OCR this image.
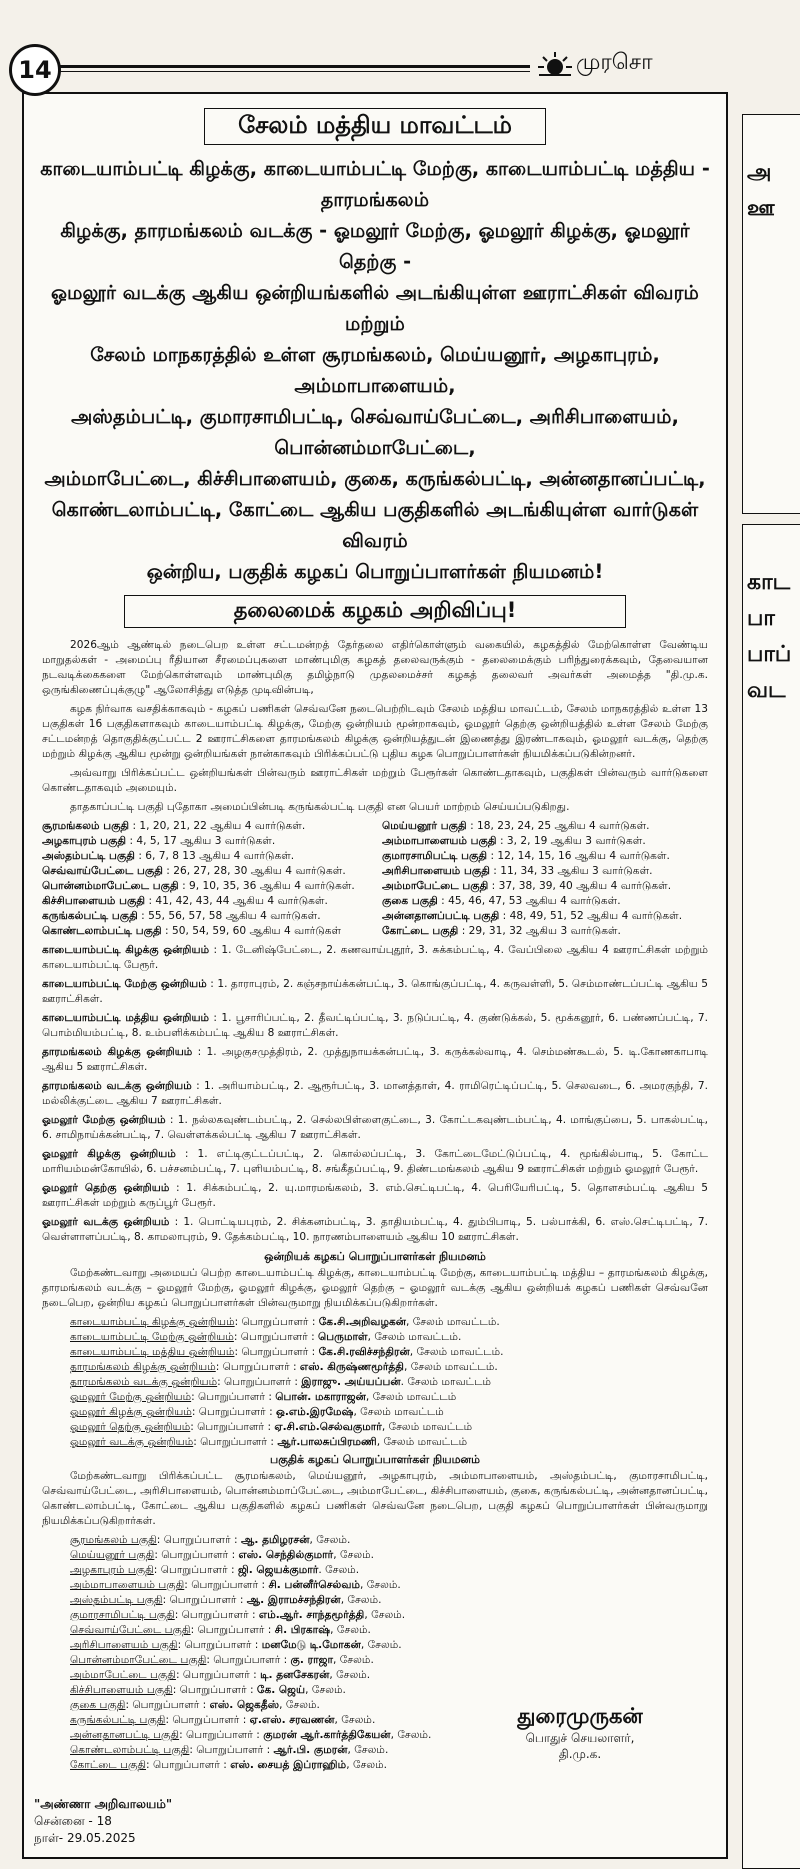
14	முரசொ
சேலம் மத்திய மாவட்டம்
காடையாம்பட்டி கிழக்கு, காடையாம்பட்டி மேற்கு, காடையாம்பட்டி மத்திய - தாரமங்கலம்
கிழக்கு, தாரமங்கலம் வடக்கு - ஓமலூர் மேற்கு, ஓமலூர் கிழக்கு, ஓமலூர் தெற்கு -
ஓமலூர் வடக்கு ஆகிய ஒன்றியங்களில் அடங்கியுள்ள ஊராட்சிகள் விவரம் மற்றும்
சேலம் மாநகரத்தில் உள்ள சூரமங்கலம், மெய்யனூர், அழகாபுரம், அம்மாபாளையம்,
அஸ்தம்பட்டி, குமாரசாமிபட்டி, செவ்வாய்பேட்டை, அரிசிபாளையம், பொன்னம்மாபேட்டை,
அம்மாபேட்டை, கிச்சிபாளையம், குகை, கருங்கல்பட்டி, அன்னதானப்பட்டி,
கொண்டலாம்பட்டி, கோட்டை ஆகிய பகுதிகளில் அடங்கியுள்ள வார்டுகள் விவரம்
ஒன்றிய, பகுதிக் கழகப் பொறுப்பாளர்கள் நியமனம்!
தலைமைக் கழகம் அறிவிப்பு!

2026ஆம் ஆண்டில் நடைபெற உள்ள சட்டமன்றத் தேர்தலை எதிர்கொள்ளும் வகையில், கழகத்தில் மேற்கொள்ள வேண்டிய மாறுதல்கள் - அமைப்பு ரீதியான சீரமைப்புகளை மாண்புமிகு கழகத் தலைவருக்கும் - தலைமைக்கும் பரிந்துரைக்கவும், தேவையான நடவடிக்கைகளை மேற்கொள்ளவும் மாண்புமிகு தமிழ்நாடு முதலமைச்சர் கழகத் தலைவர் அவர்கள் அமைத்த "தி.மு.க. ஒருங்கிணைப்புக்குழு" ஆலோசித்து எடுத்த முடிவின்படி,

கழக நிர்வாக வசதிக்காகவும் - கழகப் பணிகள் செவ்வனே நடைபெற்றிடவும் சேலம் மத்திய மாவட்டம், சேலம் மாநகரத்தில் உள்ள 13 பகுதிகள் 16 பகுதிகளாகவும் காடையாம்பட்டி கிழக்கு, மேற்கு ஒன்றியம் மூன்றாகவும், ஓமலூர் தெற்கு ஒன்றியத்தில் உள்ள சேலம் மேற்கு சட்டமன்றத் தொகுதிக்குட்பட்ட 2 ஊராட்சிகளை தாரமங்கலம் கிழக்கு ஒன்றியத்துடன் இணைத்து இரண்டாகவும், ஓமலூர் வடக்கு, தெற்கு மற்றும் கிழக்கு ஆகிய மூன்று ஒன்றியங்கள் நான்காகவும் பிரிக்கப்பட்டு புதிய கழக பொறுப்பாளர்கள் நியமிக்கப்படுகின்றனர்.

அவ்வாறு பிரிக்கப்பட்ட ஒன்றியங்கள் பின்வரும் ஊராட்சிகள் மற்றும் பேரூர்கள் கொண்டதாகவும், பகுதிகள் பின்வரும் வார்டுகளை கொண்டதாகவும் அமையும்.

தாதகாப்பட்டி பகுதி புதோகா அமைப்பின்படி கருங்கல்பட்டி பகுதி என பெயர் மாற்றம் செய்யப்படுகிறது.

சூரமங்கலம் பகுதி : 1, 20, 21, 22 ஆகிய 4 வார்டுகள்.	மெய்யனூர் பகுதி : 18, 23, 24, 25 ஆகிய 4 வார்டுகள்.
அழகாபுரம் பகுதி : 4, 5, 17 ஆகிய 3 வார்டுகள்.	அம்மாபாளையம் பகுதி : 3, 2, 19 ஆகிய 3 வார்டுகள்.
அஸ்தம்பட்டி பகுதி : 6, 7, 8 13 ஆகிய 4 வார்டுகள்.	குமாரசாமிபட்டி பகுதி : 12, 14, 15, 16 ஆகிய 4 வார்டுகள்.
செவ்வாய்பேட்டை பகுதி : 26, 27, 28, 30 ஆகிய 4 வார்டுகள்.	அரிசிபாளையம் பகுதி : 11, 34, 33 ஆகிய 3 வார்டுகள்.
பொன்னம்மாபேட்டை பகுதி : 9, 10, 35, 36 ஆகிய 4 வார்டுகள்.	அம்மாபேட்டை பகுதி : 37, 38, 39, 40 ஆகிய 4 வார்டுகள்.
கிச்சிபாளையம் பகுதி : 41, 42, 43, 44 ஆகிய 4 வார்டுகள்.	குகை பகுதி : 45, 46, 47, 53 ஆகிய 4 வார்டுகள்.
கருங்கல்பட்டி பகுதி : 55, 56, 57, 58 ஆகிய 4 வார்டுகள்.	அன்னதானப்பட்டி பகுதி : 48, 49, 51, 52 ஆகிய 4 வார்டுகள்.
கொண்டலாம்பட்டி பகுதி : 50, 54, 59, 60 ஆகிய 4 வார்டுகள்	கோட்டை பகுதி : 29, 31, 32 ஆகிய 3 வார்டுகள்.

காடையாம்பட்டி கிழக்கு ஒன்றியம் : 1. டேனிஷ்பேட்டை, 2. கணவாய்புதூர், 3. சுக்கம்பட்டி, 4. வேப்பிலை ஆகிய 4 ஊராட்சிகள் மற்றும் காடையாம்பட்டி பேரூர்.

காடையாம்பட்டி மேற்கு ஒன்றியம் : 1. தாராபுரம், 2. கஞ்சநாய்க்கன்பட்டி, 3. கொங்குப்பட்டி, 4. கருவள்ளி, 5. செம்மாண்டப்பட்டி ஆகிய 5 ஊராட்சிகள்.

காடையாம்பட்டி மத்திய ஒன்றியம் : 1. பூசாரிப்பட்டி, 2. தீவட்டிப்பட்டி, 3. நடுப்பட்டி, 4. குண்டுக்கல், 5. மூக்கனூர், 6. பண்ணப்பட்டி, 7. பொம்மியம்பட்டி, 8. உம்பளிக்கம்பட்டி ஆகிய 8 ஊராட்சிகள்.

தாரமங்கலம் கிழக்கு ஒன்றியம் : 1. அழகுசமுத்திரம், 2. முத்துநாயக்கன்பட்டி, 3. கருக்கல்வாடி, 4. செம்மண்கூடல், 5. டி.கோணகாபாடி ஆகிய 5 ஊராட்சிகள்.

தாரமங்கலம் வடக்கு ஒன்றியம் : 1. அரியாம்பட்டி, 2. ஆரூர்பட்டி, 3. மானத்தாள், 4. ராமிரெட்டிப்பட்டி, 5. செலவடை, 6. அமரகுந்தி, 7. மல்லிக்குட்டை ஆகிய 7 ஊராட்சிகள்.

ஓமலூர் மேற்கு ஒன்றியம் : 1. நல்லகவுண்டம்பட்டி, 2. செல்லபிள்ளைகுட்டை, 3. கோட்டகவுண்டம்பட்டி, 4. மாங்குப்பை, 5. பாகல்பட்டி, 6. சாமிநாய்க்கன்பட்டி, 7. வெள்ளக்கல்பட்டி ஆகிய 7 ஊராட்சிகள்.

ஓமலூர் கிழக்கு ஒன்றியம் : 1. எட்டிகுட்டப்பட்டி, 2. கொல்லப்பட்டி, 3. கோட்டைமேட்டுப்பட்டி, 4. மூங்கில்பாடி, 5. கோட்ட மாரியம்மன்கோயில், 6. பச்சனம்பட்டி, 7. புளியம்பட்டி, 8. சங்கீதப்பட்டி, 9. திண்டமங்கலம் ஆகிய 9 ஊராட்சிகள் மற்றும் ஓமலூர் பேரூர்.

ஓமலூர் தெற்கு ஒன்றியம் : 1. சிக்கம்பட்டி, 2. யு.மாரமங்கலம், 3. எம்.செட்டிபட்டி, 4. பெரியேரிபட்டி, 5. தொளசம்பட்டி ஆகிய 5 ஊராட்சிகள் மற்றும் கருப்பூர் பேரூர்.

ஓமலூர் வடக்கு ஒன்றியம் : 1. பொட்டியபுரம், 2. சிக்கனம்பட்டி, 3. தாதியம்பட்டி, 4. தும்பிபாடி, 5. பல்பாக்கி, 6. எஸ்.செட்டிபட்டி, 7. வெள்ளாளப்பட்டி, 8. காமலாபுரம், 9. தேக்கம்பட்டி, 10. நாரணம்பாளையம் ஆகிய 10 ஊராட்சிகள்.

ஒன்றியக் கழகப் பொறுப்பாளர்கள் நியமனம்

மேற்கண்டவாறு அமையப் பெற்ற காடையாம்பட்டி கிழக்கு, காடையாம்பட்டி மேற்கு, காடையாம்பட்டி மத்திய – தாரமங்கலம் கிழக்கு, தாரமங்கலம் வடக்கு – ஓமலூர் மேற்கு, ஓமலூர் கிழக்கு, ஓமலூர் தெற்கு – ஓமலூர் வடக்கு ஆகிய ஒன்றியக் கழகப் பணிகள் செவ்வனே நடைபெற, ஒன்றிய கழகப் பொறுப்பாளர்கள் பின்வருமாறு நியமிக்கப்படுகிறார்கள்.

காடையாம்பட்டி கிழக்கு ஒன்றியம்: பொறுப்பாளர் : கே.சி.அறிவழகன், சேலம் மாவட்டம்.
காடையாம்பட்டி மேற்கு ஒன்றியம்: பொறுப்பாளர் : பெருமாள், சேலம் மாவட்டம்.
காடையாம்பட்டி மத்திய ஒன்றியம்: பொறுப்பாளர் : கே.சி.ரவிச்சந்திரன், சேலம் மாவட்டம்.
தாரமங்கலம் கிழக்கு ஒன்றியம்: பொறுப்பாளர் : எஸ். கிருஷ்ணமூர்த்தி, சேலம் மாவட்டம்.
தாரமங்கலம் வடக்கு ஒன்றியம்: பொறுப்பாளர் : இராஜு. அய்யப்பன். சேலம் மாவட்டம்
ஓமலூர் மேற்கு ஒன்றியம்: பொறுப்பாளர் : பொன். மகாராஜன், சேலம் மாவட்டம்
ஓமலூர் கிழக்கு ஒன்றியம்: பொறுப்பாளர் : ஒ.எம்.இரமேஷ், சேலம் மாவட்டம்
ஓமலூர் தெற்கு ஒன்றியம்: பொறுப்பாளர் : ஏ.சி.எம்.செல்வகுமார், சேலம் மாவட்டம்
ஓமலூர் வடக்கு ஒன்றியம்: பொறுப்பாளர் : ஆர்.பாலசுப்பிரமணி, சேலம் மாவட்டம்
பகுதிக் கழகப் பொறுப்பாளர்கள் நியமனம்

மேற்கண்டவாறு பிரிக்கப்பட்ட சூரமங்கலம், மெய்யனூர், அழகாபுரம், அம்மாபாளையம், அஸ்தம்பட்டி, குமாரசாமிபட்டி, செவ்வாய்பேட்டை, அரிசிபாளையம், பொன்னம்மாப்பேட்டை, அம்மாபேட்டை, கிச்சிபாளையம், குகை, கருங்கல்பட்டி, அன்னதானப்பட்டி, கொண்டலாம்பட்டி, கோட்டை ஆகிய பகுதிகளில் கழகப் பணிகள் செவ்வனே நடைபெற, பகுதி கழகப் பொறுப்பாளர்கள் பின்வருமாறு நியமிக்கப்படுகிறார்கள்.

சூரமங்கலம் பகுதி: பொறுப்பாளர் : ஆ. தமிழரசன், சேலம்.
மெய்யனூர் பகுதி: பொறுப்பாளர் : எஸ். செந்தில்குமார், சேலம்.
அழகாபுரம் பகுதி: பொறுப்பாளர் : ஜி. ஜெயக்குமார். சேலம்.
அம்மாபாளையம் பகுதி: பொறுப்பாளர் : சி. பன்னீர்செல்வம், சேலம்.
அஸ்தம்பட்டி பகுதி: பொறுப்பாளர் : ஆ. இராமச்சந்திரன், சேலம்.
குமாரசாமிபட்டி பகுதி: பொறுப்பாளர் : எம்.ஆர். சாந்தமூர்த்தி, சேலம்.
செவ்வாய்பேட்டை பகுதி: பொறுப்பாளர் : சி. பிரகாஷ், சேலம்.
அரிசிபாளையம் பகுதி: பொறுப்பாளர் : மனமேடு டி.மோகன், சேலம்.
பொன்னம்மாபேட்டை பகுதி: பொறுப்பாளர் : கு. ராஜா, சேலம்.
அம்மாபேட்டை பகுதி: பொறுப்பாளர் : டி. தனசேகரன், சேலம்.
கிச்சிபாளையம் பகுதி: பொறுப்பாளர் : கே. ஜெய், சேலம்.
குகை பகுதி: பொறுப்பாளர் : எஸ். ஜெகதீஸ், சேலம்.
கருங்கல்பட்டி பகுதி: பொறுப்பாளர் : ஏ.எஸ். சரவணன், சேலம்.
அன்னதானபட்டி பகுதி: பொறுப்பாளர் : குமரன் ஆர்.கார்த்திகேயன், சேலம்.
கொண்டலாம்பட்டி பகுதி: பொறுப்பாளர் : ஆர்.பி. குமரன், சேலம்.
கோட்டை பகுதி: பொறுப்பாளர் : எஸ். சையத் இப்ராஹிம், சேலம்.
துரைமுருகன்
பொதுச் செயலாளர்,
தி.மு.க.
"அண்ணா அறிவாலயம்"
சென்னை - 18
நாள்- 29.05.2025
அ
ஊ
காட
பா
பாப்
வட
